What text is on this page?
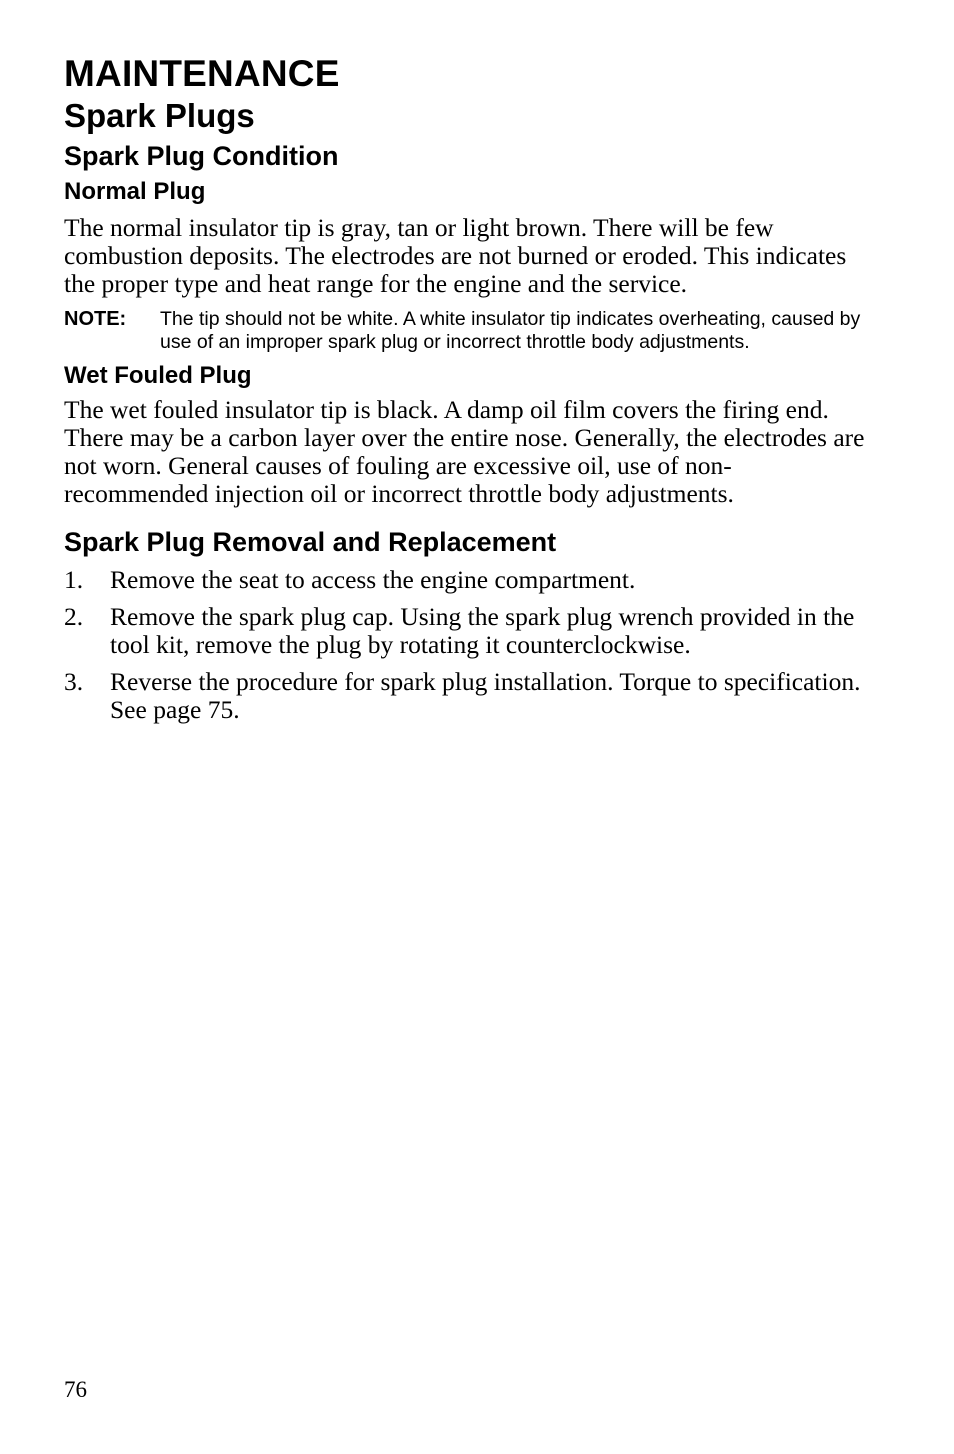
MAINTENANCE
Spark Plugs
Spark Plug Condition
Normal Plug

The normal insulator tip is gray, tan or light brown. There will be few combustion deposits. The electrodes are not burned or eroded. This indicates the proper type and heat range for the engine and the service.

NOTE:	The tip should not be white. A white insulator tip indicates overheating, caused by use of an improper spark plug or incorrect throttle body adjustments.
Wet Fouled Plug

The wet fouled insulator tip is black. A damp oil film covers the firing end. There may be a carbon layer over the entire nose. Generally, the electrodes are not worn. General causes of fouling are excessive oil, use of non-recommended injection oil or incorrect throttle body adjustments.

Spark Plug Removal and Replacement
1.	Remove the seat to access the engine compartment.
2.	Remove the spark plug cap. Using the spark plug wrench provided in the tool kit, remove the plug by rotating it counterclockwise.
3.	Reverse the procedure for spark plug installation. Torque to specification. See page 75.
76
